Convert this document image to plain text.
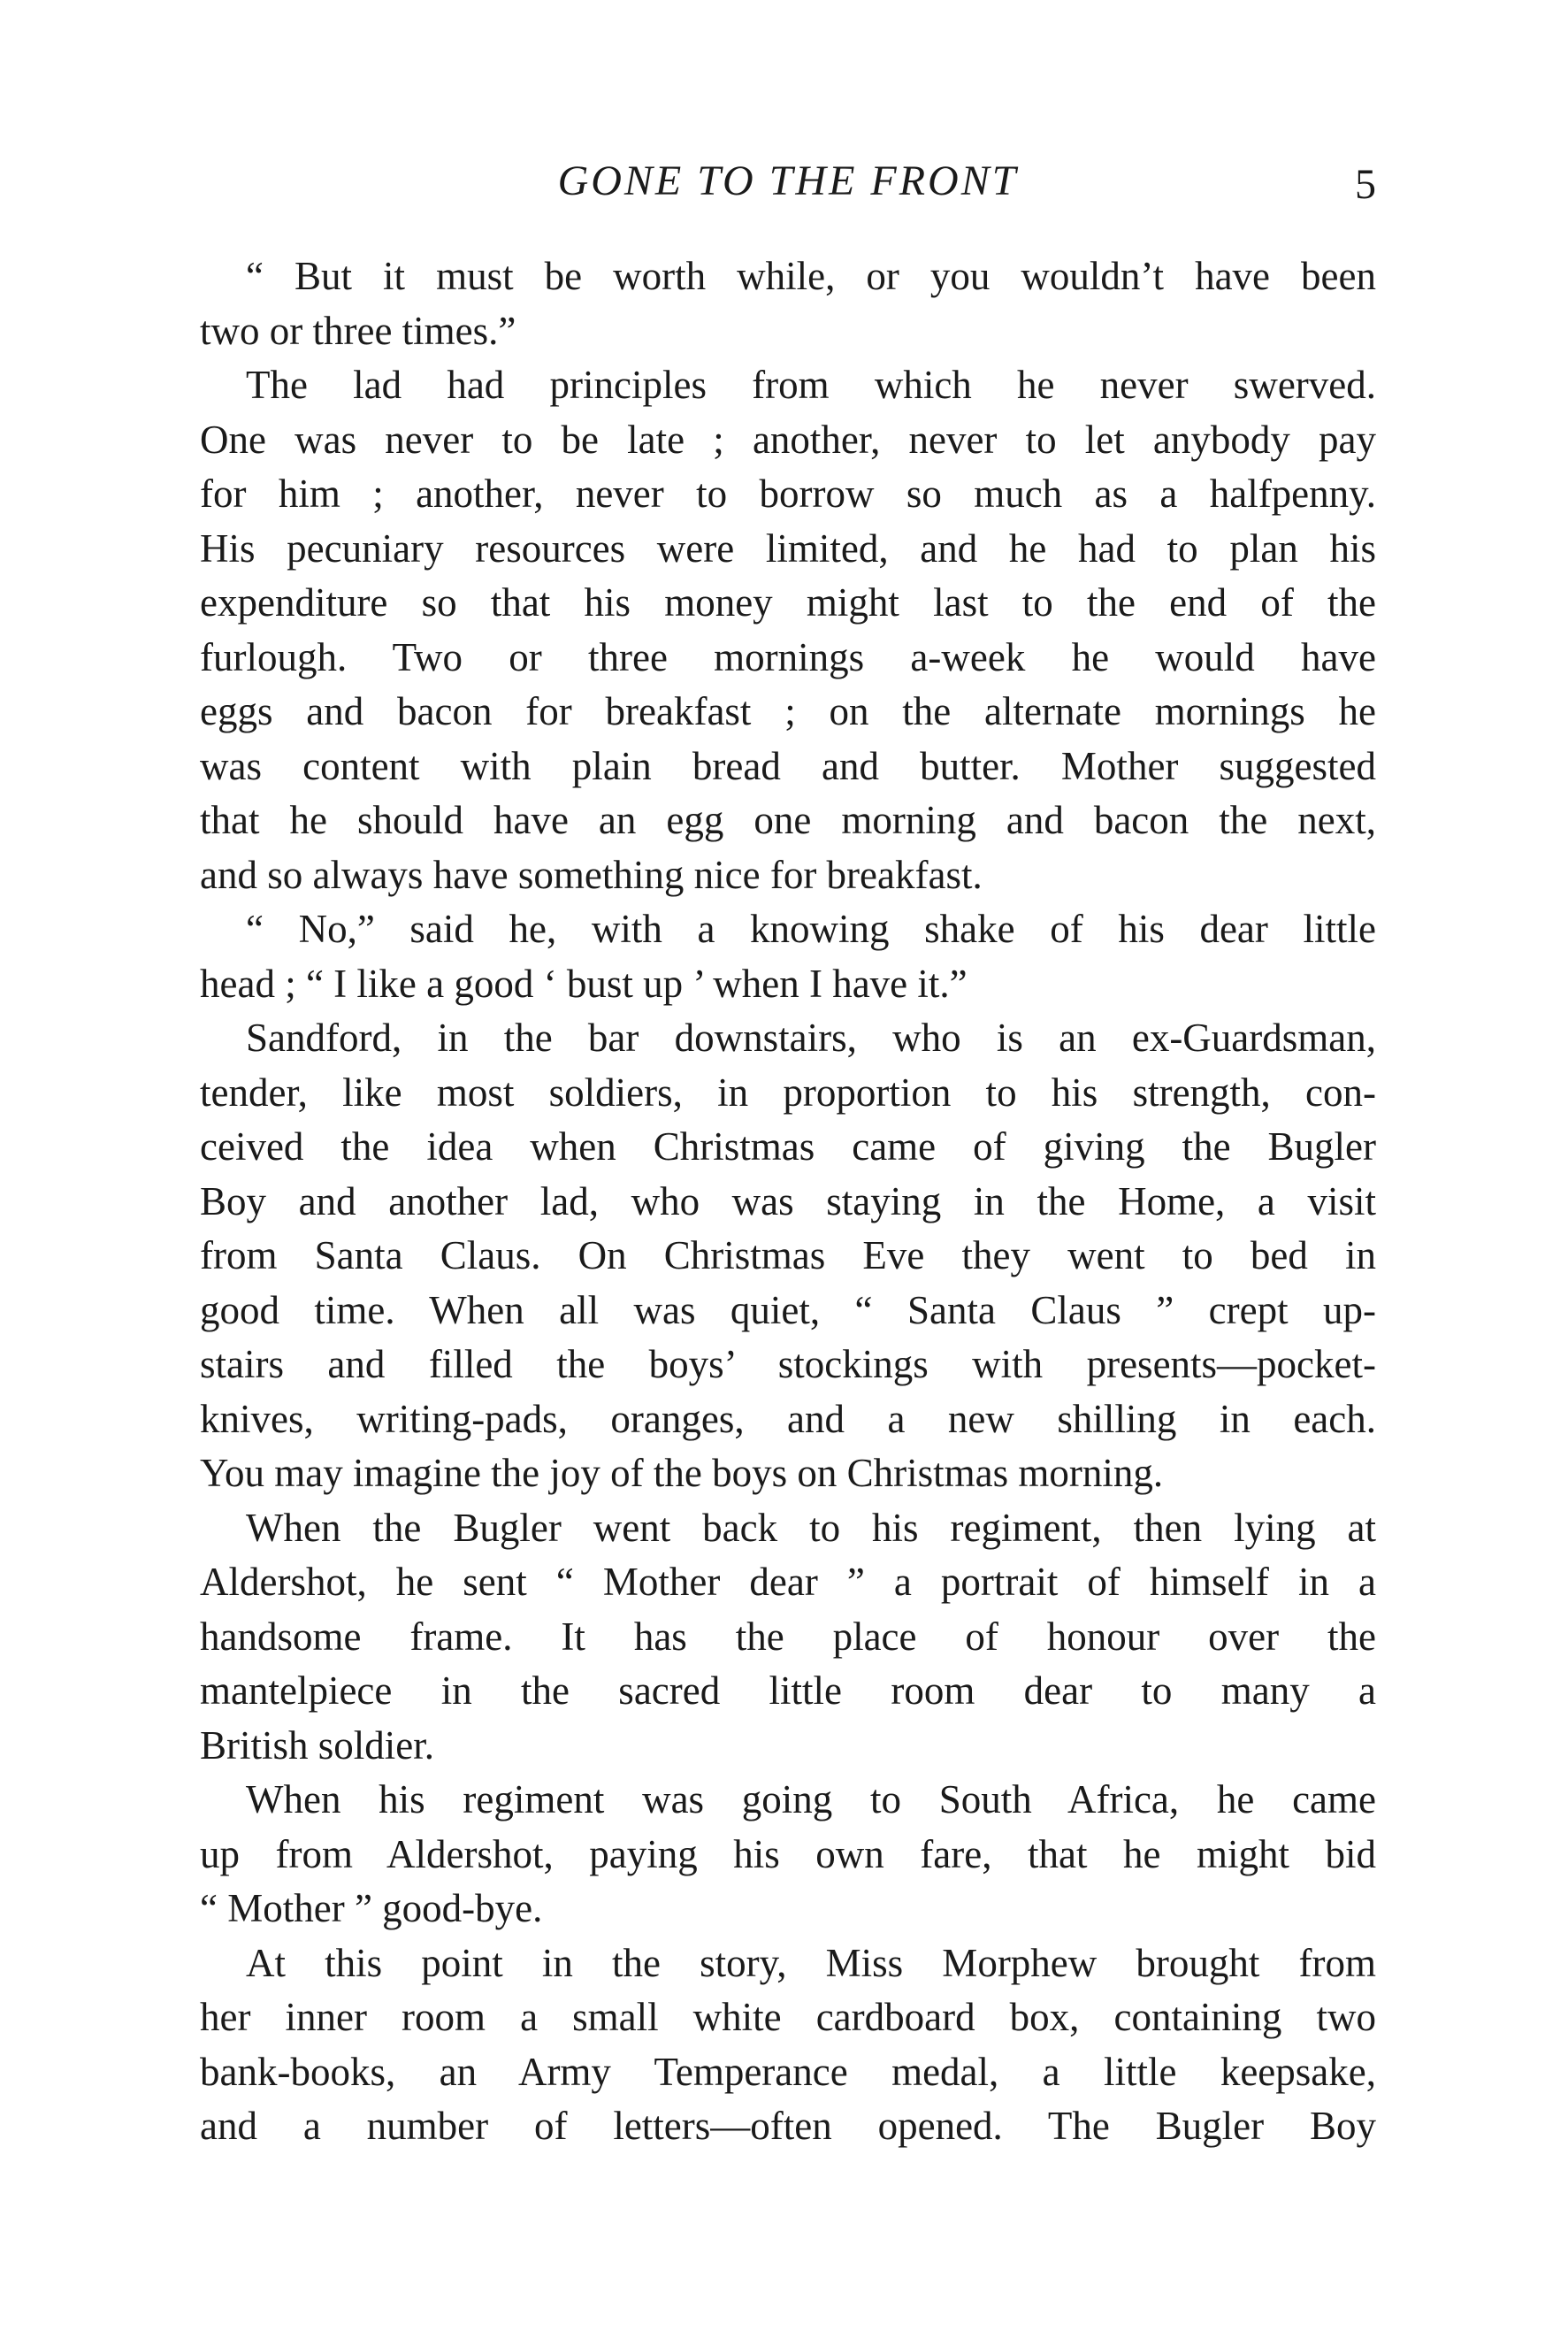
GONE TO THE FRONT	5

“ But it must be worth while, or you wouldn’t have been
two or three times.”

The lad had principles from which he never swerved.
One was never to be late ; another, never to let anybody pay
for him ; another, never to borrow so much as a halfpenny.
His pecuniary resources were limited, and he had to plan his
expenditure so that his money might last to the end of the
furlough. Two or three mornings a-week he would have
eggs and bacon for breakfast ; on the alternate mornings he
was content with plain bread and butter. Mother suggested
that he should have an egg one morning and bacon the next,
and so always have something nice for breakfast.

“ No,” said he, with a knowing shake of his dear little
head ; “ I like a good ‘ bust up ’ when I have it.”

Sandford, in the bar downstairs, who is an ex-Guardsman,
tender, like most soldiers, in proportion to his strength, con-
ceived the idea when Christmas came of giving the Bugler
Boy and another lad, who was staying in the Home, a visit
from Santa Claus. On Christmas Eve they went to bed in
good time. When all was quiet, “ Santa Claus ” crept up-
stairs and filled the boys’ stockings with presents—pocket-
knives, writing-pads, oranges, and a new shilling in each.
You may imagine the joy of the boys on Christmas morning.

When the Bugler went back to his regiment, then lying at
Aldershot, he sent “ Mother dear ” a portrait of himself in a
handsome frame. It has the place of honour over the
mantelpiece in the sacred little room dear to many a
British soldier.

When his regiment was going to South Africa, he came
up from Aldershot, paying his own fare, that he might bid
“ Mother ” good-bye.

At this point in the story, Miss Morphew brought from
her inner room a small white cardboard box, containing two
bank-books, an Army Temperance medal, a little keepsake,
and a number of letters—often opened. The Bugler Boy
